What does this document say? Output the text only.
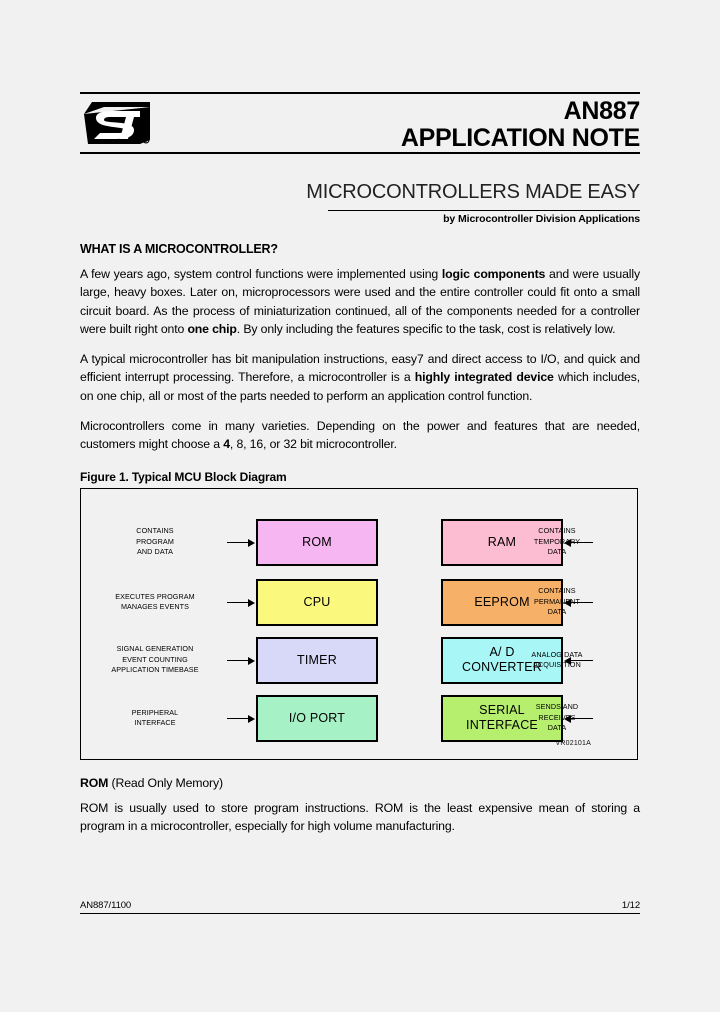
R
AN887
APPLICATION NOTE
MICROCONTROLLERS MADE EASY
by Microcontroller Division Applications
WHAT IS A MICROCONTROLLER?

A few years ago, system control functions were implemented using logic components and were usually large, heavy boxes. Later on, microprocessors were used and the entire controller could fit onto a small circuit board. As the process of miniaturization continued, all of the components needed for a controller were built right onto one chip. By only including the features specific to the task, cost is relatively low.

A typical microcontroller has bit manipulation instructions, easy7 and direct access to I/O, and quick and efficient interrupt processing. Therefore, a microcontroller is a highly integrated device which includes, on one chip, all or most of the parts needed to perform an application control function.

Microcontrollers come in many varieties. Depending on the power and features that are needed, customers might choose a 4, 8, 16, or 32 bit microcontroller.

Figure 1. Typical MCU Block Diagram
ROM	RAM
CPU	EEPROM
TIMER
A/ D
CONVERTER
I/O PORT
SERIAL
INTERFACE
CONTAINS
PROGRAM
AND DATA
EXECUTES PROGRAM
MANAGES EVENTS
SIGNAL GENERATION
EVENT COUNTING
APPLICATION TIMEBASE
PERIPHERAL
INTERFACE
CONTAINS
TEMPORARY
DATA
CONTAINS
PERMANENT
DATA
ANALOG DATA
ACQUISITION
SENDS AND
RECEIVES
DATA
VR02101A
ROM (Read Only Memory)

ROM is usually used to store program instructions. ROM is the least expensive mean of storing a program in a microcontroller, especially for high volume manufacturing.

AN887/1100	1/12
